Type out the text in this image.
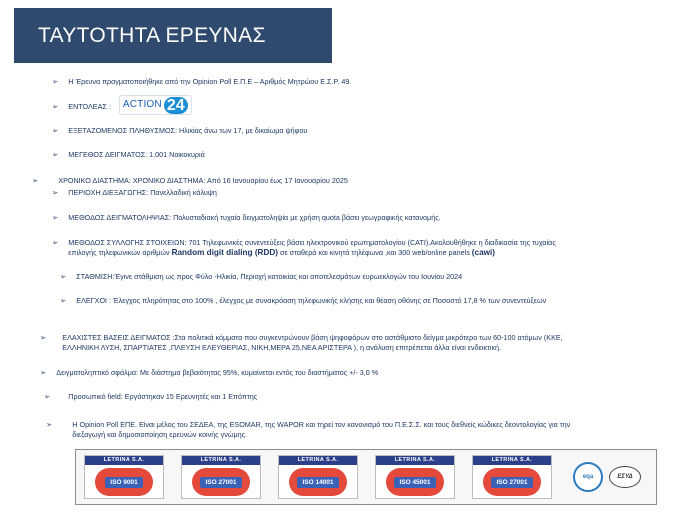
ΤΑΥΤΟΤΗΤΑ ΕΡΕΥΝΑΣ
➢ Η Έρευνα πραγματοποιήθηκε από την Opinion Poll Ε.Π.Ε – Αριθμός Μητρώου Ε.Σ.Ρ. 49.
➢ ΕΝΤΟΛΕΑΣ : ACTION 24
➢ ΕΞΕΤΑΖΟΜΕΝΟΣ ΠΛΗΘΥΣΜΟΣ: Ηλικίας άνω των 17, με δικαίωμα ψήφου
➢ ΜΕΓΕΘΟΣ ΔΕΙΓΜΑΤΟΣ: 1.001 Νοικοκυριά
➢	ΧΡΟΝΙΚΟ ΔΙΑΣΤΗΜΑ: ΧΡΟΝΙΚΟ ΔΙΑΣΤΗΜΑ: Από 16 Ιανουαρίου έως 17 Ιανουαρίου 2025
➢ ΠΕΡΙΟΧΗ ΔΙΕΞΑΓΩΓΗΣ: Πανελλαδική κάλυψη
➢ ΜΕΘΟΔΟΣ ΔΕΙΓΜΑΤΟΛΗΨΙΑΣ: Πολυσταδιακή τυχαία δειγματοληψία με χρήση quota βάσει γεωγραφικής κατανομής.
➢ ΜΕΘΟΔΟΣ ΣΥΛΛΟΓΗΣ ΣΤΟΙΧΕΙΩΝ: 701 Τηλεφωνικές συνεντεύξεις βάσει ηλεκτρονικού ερωτηματολογίου (CATI).Ακολουθήθηκε η διαδικασία της τυχαίας
επιλογής τηλεφωνικών αριθμών Random digit dialing (RDD) σε σταθερά και κινητά τηλέφωνα ,και 300 web/online panels (cawi)
➢ ΣΤΑΘΜΙΣΗ:Έγινε στάθμιση ως προς Φύλο -Ηλικία, Περιοχή κατοικίας και αποτελεσμάτων ευρωεκλογών του Ιουνίου 2024
➢ ΕΛΕΓΧΟΙ : Έλεγχος πληρότητας στο 100% , έλεγχος με συνακρόαση τηλεφωνικής κλήσης και θέαση οθόνης σε Ποσοστό 17,8 % των συνεντεύξεων
➢ ΕΛΑΧΙΣΤΕΣ ΒΑΣΕΙΣ ΔΕΙΓΜΑΤΟΣ :Στα πολιτικά κόμματα που συγκεντρώνουν βάση ψηφοφόρων στο αστάθμιστο δείγμα μικρότερο των 60-100 ατόμων (ΚΚΕ,
ΕΛΛΗΝΙΚΗ ΛΥΣΗ, ΣΠΑΡΤΙΑΤΕΣ ,ΠΛΕΥΣΗ ΕΛΕΥΘΕΡΙΑΣ, ΝΙΚΗ,ΜΕΡΑ 25,ΝΕΑ ΑΡΙΣΤΕΡΑ ), η ανάλυση επιτρέπεται άλλα είναι ενδεικτική.
➢ Δειγματοληπτικό σφάλμα: Με διάστημα βεβαιότητας 95%, κυμαίνεται εντός του διαστήματος +/- 3,0 %
➢	Προσωπικό field: Εργάστηκαν 15 Ερευνητές και 1 Επόπτης
➢	Η Opinion Poll ΕΠΕ. Είναι μέλος του ΣΕΔΕΑ, της ESOMAR, της WAPOR και τηρεί τον κανονισμό του Π.Ε.Σ.Σ. και τους διεθνείς κώδικες δεοντολογίας για την
διεξαγωγή και δημοσιοποίηση ερευνών κοινής γνώμης.
LETRINA S.A.
ISO 9001
LETRINA S.A.
ISO 27001
LETRINA S.A.
ISO 14001
LETRINA S.A.
ISO 45001
LETRINA S.A.
ISO 27001
eqa	ΕΣΥΔ
